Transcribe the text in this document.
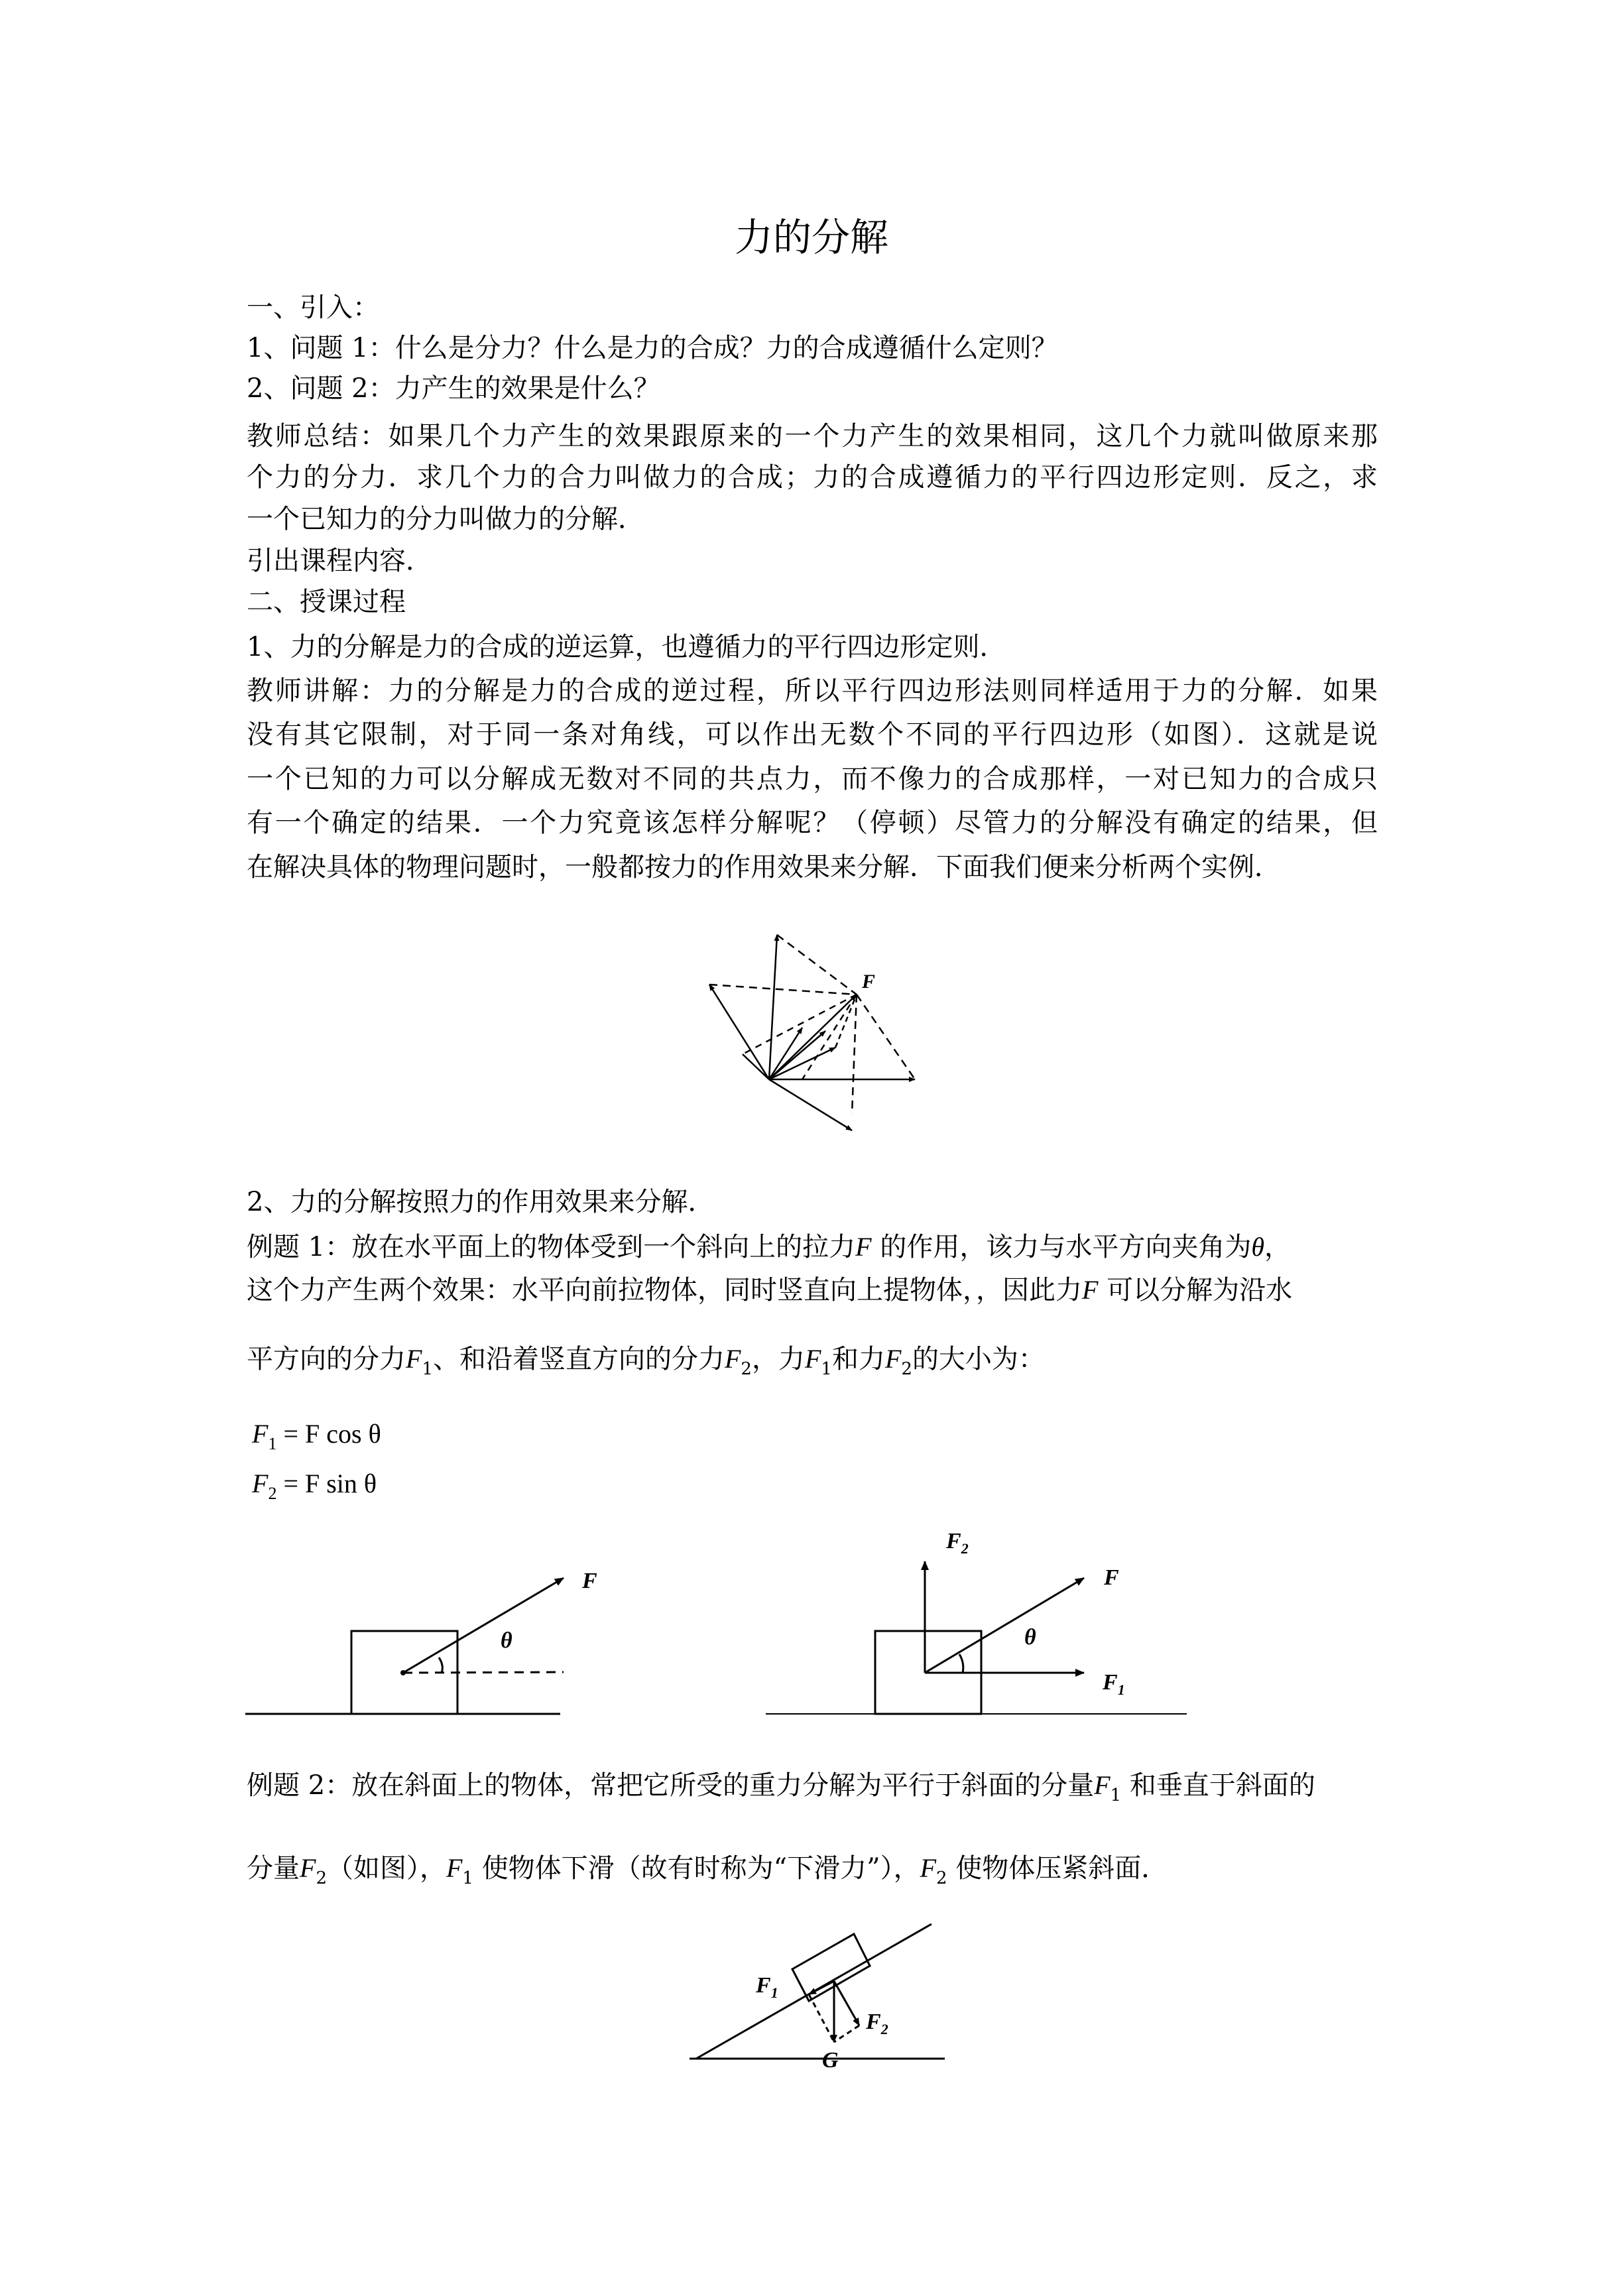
力的分解
一、引入：
1、问题 1：什么是分力？什么是力的合成？力的合成遵循什么定则？
2、问题 2：力产生的效果是什么？
教师总结：如果几个力产生的效果跟原来的一个力产生的效果相同，这几个力就叫做原来那
个力的分力．求几个力的合力叫做力的合成；力的合成遵循力的平行四边形定则．反之，求
一个已知力的分力叫做力的分解．
引出课程内容．
二、授课过程
1、力的分解是力的合成的逆运算，也遵循力的平行四边形定则．
教师讲解：力的分解是力的合成的逆过程，所以平行四边形法则同样适用于力的分解．如果
没有其它限制，对于同一条对角线，可以作出无数个不同的平行四边形（如图）．这就是说
一个已知的力可以分解成无数对不同的共点力，而不像力的合成那样，一对已知力的合成只
有一个确定的结果．一个力究竟该怎样分解呢？（停顿）尽管力的分解没有确定的结果，但
在解决具体的物理问题时，一般都按力的作用效果来分解．下面我们便来分析两个实例．
F
2、力的分解按照力的作用效果来分解．
例题 1：放在水平面上的物体受到一个斜向上的拉力F 的作用，该力与水平方向夹角为θ，
这个力产生两个效果：水平向前拉物体，同时竖直向上提物体，，因此力F 可以分解为沿水
平方向的分力$F_1$、和沿着竖直方向的分力$F_2$，力$F_1$和力$F_2$的大小为：
$F_1 = F$ cos θ
$F_2 = F$ sin θ
F
θ
$F_2$
F
θ
$F_1$
例题 2：放在斜面上的物体，常把它所受的重力分解为平行于斜面的分量$F_1$ 和垂直于斜面的
分量$F_2$（如图），$F_1$ 使物体下滑（故有时称为“下滑力”），$F_2$ 使物体压紧斜面．
$F_1$
$F_2$
G
